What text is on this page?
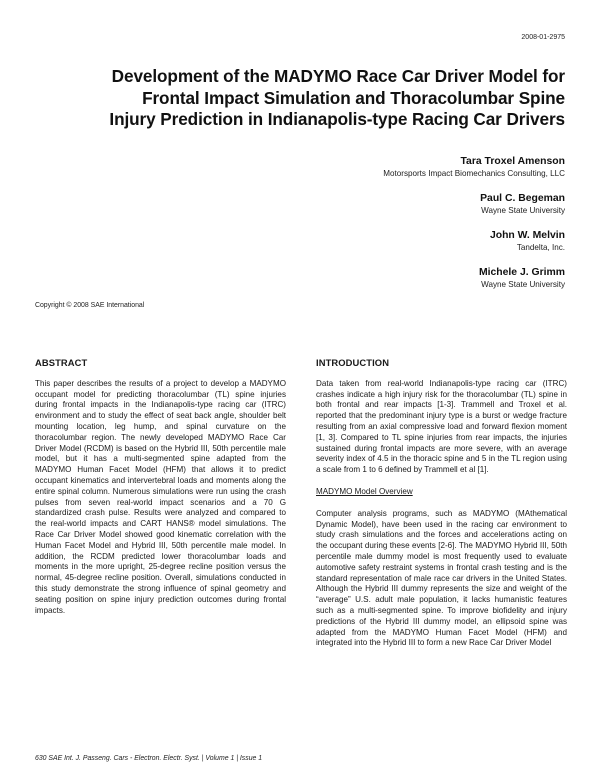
2008-01-2975
Development of the MADYMO Race Car Driver Model for Frontal Impact Simulation and Thoracolumbar Spine Injury Prediction in Indianapolis-type Racing Car Drivers
Tara Troxel Amenson
Motorsports Impact Biomechanics Consulting, LLC
Paul C. Begeman
Wayne State University
John W. Melvin
Tandelta, Inc.
Michele J. Grimm
Wayne State University
Copyright © 2008 SAE International
ABSTRACT

This paper describes the results of a project to develop a MADYMO occupant model for predicting thoracolumbar (TL) spine injuries during frontal impacts in the Indianapolis-type racing car (ITRC) environment and to study the effect of seat back angle, shoulder belt mounting location, leg hump, and spinal curvature on the thoracolumbar region. The newly developed MADYMO Race Car Driver Model (RCDM) is based on the Hybrid III, 50th percentile male model, but it has a multi-segmented spine adapted from the MADYMO Human Facet Model (HFM) that allows it to predict occupant kinematics and intervertebral loads and moments along the entire spinal column. Numerous simulations were run using the crash pulses from seven real-world impact scenarios and a 70 G standardized crash pulse. Results were analyzed and compared to the real-world impacts and CART HANS® model simulations. The Race Car Driver Model showed good kinematic correlation with the Human Facet Model and Hybrid III, 50th percentile male model. In addition, the RCDM predicted lower thoracolumbar loads and moments in the more upright, 25-degree recline position versus the normal, 45-degree recline position. Overall, simulations conducted in this study demonstrate the strong influence of spinal geometry and seating position on spine injury prediction outcomes during frontal impacts.

INTRODUCTION

Data taken from real-world Indianapolis-type racing car (ITRC) crashes indicate a high injury risk for the thoracolumbar (TL) spine in both frontal and rear impacts [1-3]. Trammell and Troxel et al. reported that the predominant injury type is a burst or wedge fracture resulting from an axial compressive load and forward flexion moment [1, 3]. Compared to TL spine injuries from rear impacts, the injuries sustained during frontal impacts are more severe, with an average severity index of 4.5 in the thoracic spine and 5 in the TL region using a scale from 1 to 6 defined by Trammell et al [1].

MADYMO Model Overview

Computer analysis programs, such as MADYMO (MAthematical Dynamic Model), have been used in the racing car environment to study crash simulations and the forces and accelerations acting on the occupant during these events [2-6]. The MADYMO Hybrid III, 50th percentile male dummy model is most frequently used to evaluate automotive safety restraint systems in frontal crash testing and is the standard representation of male race car drivers in the United States. Although the Hybrid III dummy represents the size and weight of the “average” U.S. adult male population, it lacks humanistic features such as a multi-segmented spine. To improve biofidelity and injury predictions of the Hybrid III dummy model, an ellipsoid spine was adapted from the MADYMO Human Facet Model (HFM) and integrated into the Hybrid III to form a new Race Car Driver Model

630 SAE Int. J. Passeng. Cars - Electron. Electr. Syst. | Volume 1 | Issue 1
